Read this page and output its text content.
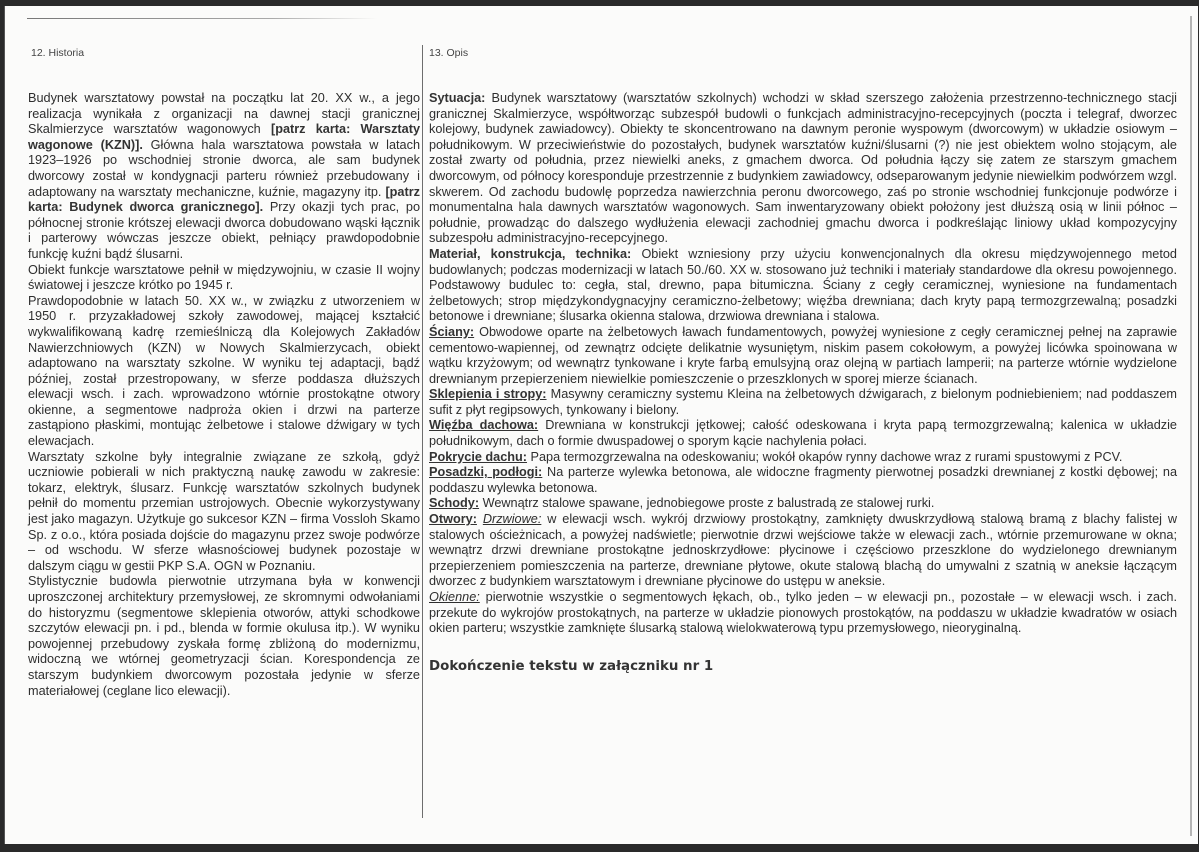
12. Historia	13. Opis

Budynek warsztatowy powstał na początku lat 20. XX w., a jego realizacja wynikała z organizacji na dawnej stacji granicznej Skalmierzyce warsztatów wagonowych [patrz karta: Warsztaty wagonowe (KZN)]. Główna hala warsztatowa powstała w latach 1923–1926 po wschodniej stronie dworca, ale sam budynek dworcowy został w kondygnacji parteru również przebudowany i adaptowany na warsztaty mechaniczne, kuźnie, magazyny itp. [patrz karta: Budynek dworca granicznego]. Przy okazji tych prac, po północnej stronie krótszej elewacji dworca dobudowano wąski łącznik i parterowy wówczas jeszcze obiekt, pełniący prawdopodobnie funkcję kuźni bądź ślusarni.

Obiekt funkcje warsztatowe pełnił w międzywojniu, w czasie II wojny światowej i jeszcze krótko po 1945 r.

Prawdopodobnie w latach 50. XX w., w związku z utworzeniem w 1950 r. przyzakładowej szkoły zawodowej, mającej kształcić wykwalifikowaną kadrę rzemieślniczą dla Kolejowych Zakładów Nawierzchniowych (KZN) w Nowych Skalmierzycach, obiekt adaptowano na warsztaty szkolne. W wyniku tej adaptacji, bądź później, został przestropowany, w sferze poddasza dłuższych elewacji wsch. i zach. wprowadzono wtórnie prostokątne otwory okienne, a segmentowe nadproża okien i drzwi na parterze zastąpiono płaskimi, montując żelbetowe i stalowe dźwigary w tych elewacjach.

Warsztaty szkolne były integralnie związane ze szkołą, gdyż uczniowie pobierali w nich praktyczną naukę zawodu w zakresie: tokarz, elektryk, ślusarz. Funkcję warsztatów szkolnych budynek pełnił do momentu przemian ustrojowych. Obecnie wykorzystywany jest jako magazyn. Użytkuje go sukcesor KZN – firma Vossloh Skamo Sp. z o.o., która posiada dojście do magazynu przez swoje podwórze – od wschodu. W sferze własnościowej budynek pozostaje w dalszym ciągu w gestii PKP S.A. OGN w Poznaniu.

Stylistycznie budowla pierwotnie utrzymana była w konwencji uproszczonej architektury przemysłowej, ze skromnymi odwołaniami do historyzmu (segmentowe sklepienia otworów, attyki schodkowe szczytów elewacji pn. i pd., blenda w formie okulusa itp.). W wyniku powojennej przebudowy zyskała formę zbliżoną do modernizmu, widoczną we wtórnej geometryzacji ścian. Korespondencja ze starszym budynkiem dworcowym pozostała jedynie w sferze materiałowej (ceglane lico elewacji).

Sytuacja: Budynek warsztatowy (warsztatów szkolnych) wchodzi w skład szerszego założenia przestrzenno-technicznego stacji granicznej Skalmierzyce, współtworząc subzespół budowli o funkcjach administracyjno-recepcyjnych (poczta i telegraf, dworzec kolejowy, budynek zawiadowcy). Obiekty te skoncentrowano na dawnym peronie wyspowym (dworcowym) w układzie osiowym – południkowym. W przeciwieństwie do pozostałych, budynek warsztatów kuźni/ślusarni (?) nie jest obiektem wolno stojącym, ale został zwarty od południa, przez niewielki aneks, z gmachem dworca. Od południa łączy się zatem ze starszym gmachem dworcowym, od północy koresponduje przestrzennie z budynkiem zawiadowcy, odseparowanym jedynie niewielkim podwórzem wzgl. skwerem. Od zachodu budowlę poprzedza nawierzchnia peronu dworcowego, zaś po stronie wschodniej funkcjonuje podwórze i monumentalna hala dawnych warsztatów wagonowych. Sam inwentaryzowany obiekt położony jest dłuższą osią w linii północ – południe, prowadząc do dalszego wydłużenia elewacji zachodniej gmachu dworca i podkreślając liniowy układ kompozycyjny subzespołu administracyjno-recepcyjnego.

Materiał, konstrukcja, technika: Obiekt wzniesiony przy użyciu konwencjonalnych dla okresu międzywojennego metod budowlanych; podczas modernizacji w latach 50./60. XX w. stosowano już techniki i materiały standardowe dla okresu powojennego. Podstawowy budulec to: cegła, stal, drewno, papa bitumiczna. Ściany z cegły ceramicznej, wyniesione na fundamentach żelbetowych; strop międzykondygnacyjny ceramiczno-żelbetowy; więźba drewniana; dach kryty papą termozgrzewalną; posadzki betonowe i drewniane; ślusarka okienna stalowa, drzwiowa drewniana i stalowa.

Ściany: Obwodowe oparte na żelbetowych ławach fundamentowych, powyżej wyniesione z cegły ceramicznej pełnej na zaprawie cementowo-wapiennej, od zewnątrz odcięte delikatnie wysuniętym, niskim pasem cokołowym, a powyżej licówka spoinowana w wątku krzyżowym; od wewnątrz tynkowane i kryte farbą emulsyjną oraz olejną w partiach lamperii; na parterze wtórnie wydzielone drewnianym przepierzeniem niewielkie pomieszczenie o przeszklonych w sporej mierze ścianach.

Sklepienia i stropy: Masywny ceramiczny systemu Kleina na żelbetowych dźwigarach, z bielonym podniebieniem; nad poddaszem sufit z płyt regipsowych, tynkowany i bielony.

Więźba dachowa: Drewniana w konstrukcji jętkowej; całość odeskowana i kryta papą termozgrzewalną; kalenica w układzie południkowym, dach o formie dwuspadowej o sporym kącie nachylenia połaci.

Pokrycie dachu: Papa termozgrzewalna na odeskowaniu; wokół okapów rynny dachowe wraz z rurami spustowymi z PCV.

Posadzki, podłogi: Na parterze wylewka betonowa, ale widoczne fragmenty pierwotnej posadzki drewnianej z kostki dębowej; na poddaszu wylewka betonowa.

Schody: Wewnątrz stalowe spawane, jednobiegowe proste z balustradą ze stalowej rurki.

Otwory: Drzwiowe: w elewacji wsch. wykrój drzwiowy prostokątny, zamknięty dwuskrzydłową stalową bramą z blachy falistej w stalowych ościeżnicach, a powyżej nadświetle; pierwotnie drzwi wejściowe także w elewacji zach., wtórnie przemurowane w okna; wewnątrz drzwi drewniane prostokątne jednoskrzydłowe: płycinowe i częściowo przeszklone do wydzielonego drewnianym przepierzeniem pomieszczenia na parterze, drewniane płytowe, okute stalową blachą do umywalni z szatnią w aneksie łączącym dworzec z budynkiem warsztatowym i drewniane płycinowe do ustępu w aneksie.

Okienne: pierwotnie wszystkie o segmentowych łękach, ob., tylko jeden – w elewacji pn., pozostałe – w elewacji wsch. i zach. przekute do wykrojów prostokątnych, na parterze w układzie pionowych prostokątów, na poddaszu w układzie kwadratów w osiach okien parteru; wszystkie zamknięte ślusarką stalową wielokwaterową typu przemysłowego, nieoryginalną.

Dokończenie tekstu w załączniku nr 1
